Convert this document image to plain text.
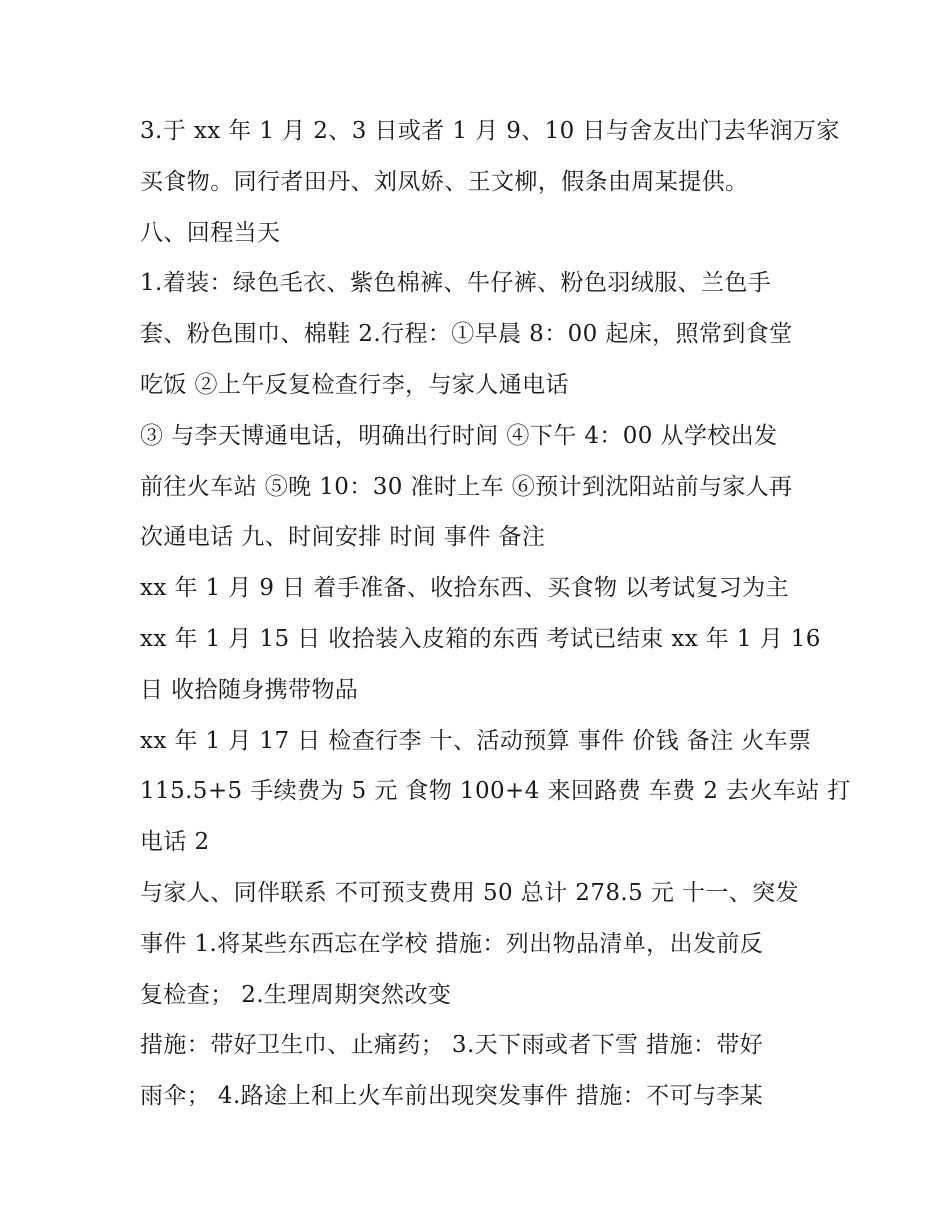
3.于 xx 年 1 月 2、3 日或者 1 月 9、10 日与舍友出门去华润万家
买食物。同行者田丹、刘凤娇、王文柳，假条由周某提供。
八、回程当天
1.着装：绿色毛衣、紫色棉裤、牛仔裤、粉色羽绒服、兰色手
套、粉色围巾、棉鞋 2.行程：①早晨 8：00 起床，照常到食堂
吃饭 ②上午反复检查行李，与家人通电话
③ 与李天博通电话，明确出行时间 ④下午 4：00 从学校出发
前往火车站 ⑤晚 10：30 准时上车 ⑥预计到沈阳站前与家人再
次通电话 九、时间安排 时间 事件 备注
xx 年 1 月 9 日 着手准备、收拾东西、买食物 以考试复习为主
xx 年 1 月 15 日 收拾装入皮箱的东西 考试已结束 xx 年 1 月 16
日 收拾随身携带物品
xx 年 1 月 17 日 检查行李 十、活动预算 事件 价钱 备注 火车票
115.5+5 手续费为 5 元 食物 100+4 来回路费 车费 2 去火车站 打
电话 2
与家人、同伴联系 不可预支费用 50 总计 278.5 元 十一、突发
事件 1.将某些东西忘在学校 措施：列出物品清单，出发前反
复检查； 2.生理周期突然改变
措施：带好卫生巾、止痛药； 3.天下雨或者下雪 措施：带好
雨伞； 4.路途上和上火车前出现突发事件 措施：不可与李某
